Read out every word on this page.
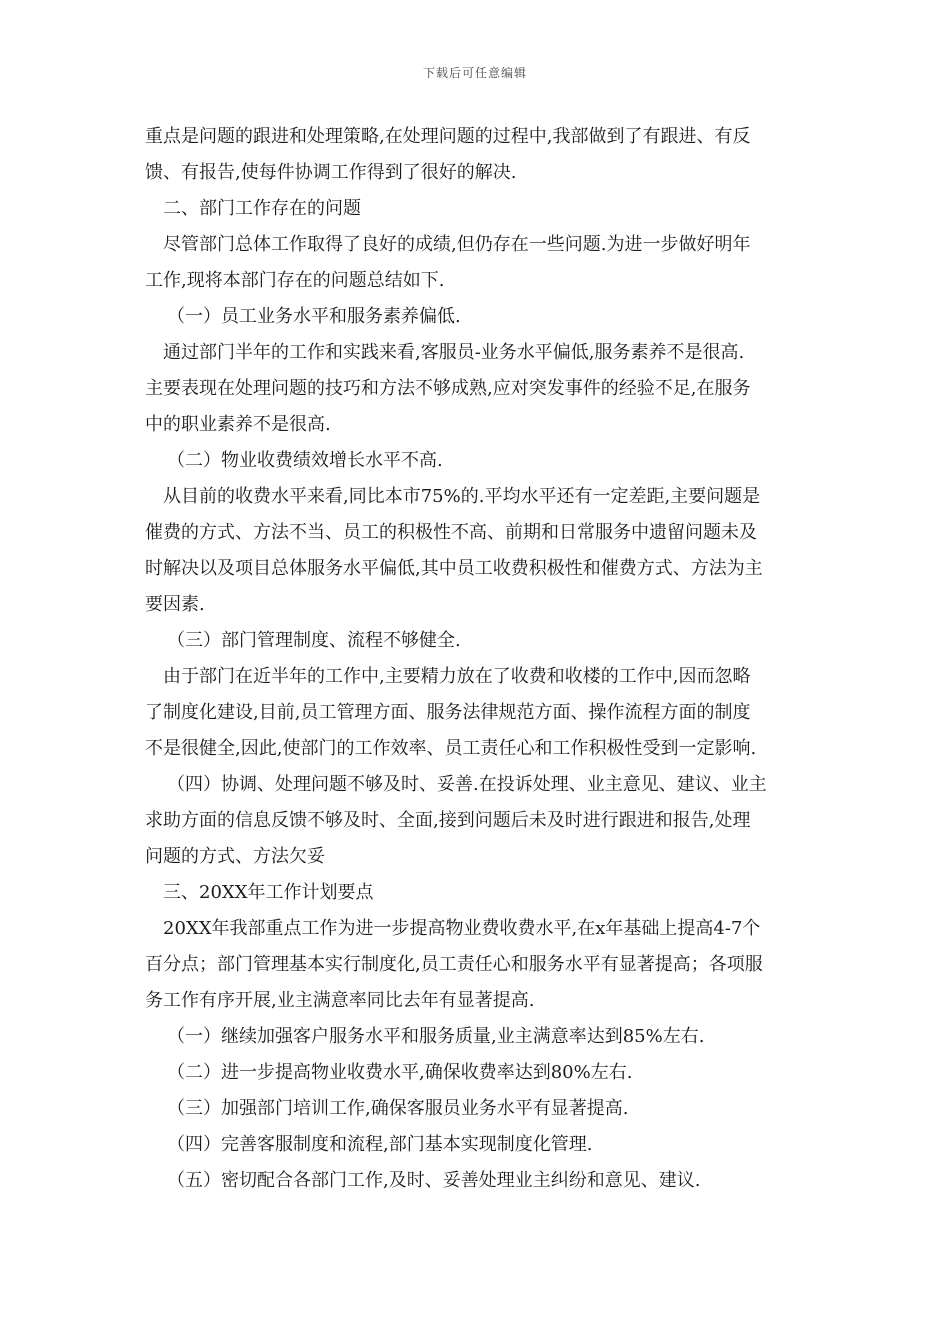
下载后可任意编辑
重点是问题的跟进和处理策略,在处理问题的过程中,我部做到了有跟进、有反
馈、有报告,使每件协调工作得到了很好的解决.
二、部门工作存在的问题
尽管部门总体工作取得了良好的成绩,但仍存在一些问题.为进一步做好明年
工作,现将本部门存在的问题总结如下.
（一）员工业务水平和服务素养偏低.
通过部门半年的工作和实践来看,客服员-业务水平偏低,服务素养不是很高.
主要表现在处理问题的技巧和方法不够成熟,应对突发事件的经验不足,在服务
中的职业素养不是很高.
（二）物业收费绩效增长水平不高.
从目前的收费水平来看,同比本市75%的.平均水平还有一定差距,主要问题是
催费的方式、方法不当、员工的积极性不高、前期和日常服务中遗留问题未及
时解决以及项目总体服务水平偏低,其中员工收费积极性和催费方式、方法为主
要因素.
（三）部门管理制度、流程不够健全.
由于部门在近半年的工作中,主要精力放在了收费和收楼的工作中,因而忽略
了制度化建设,目前,员工管理方面、服务法律规范方面、操作流程方面的制度
不是很健全,因此,使部门的工作效率、员工责任心和工作积极性受到一定影响.
（四）协调、处理问题不够及时、妥善.在投诉处理、业主意见、建议、业主
求助方面的信息反馈不够及时、全面,接到问题后未及时进行跟进和报告,处理
问题的方式、方法欠妥
三、20XX年工作计划要点
20XX年我部重点工作为进一步提高物业费收费水平,在x年基础上提高4-7个
百分点；部门管理基本实行制度化,员工责任心和服务水平有显著提高；各项服
务工作有序开展,业主满意率同比去年有显著提高.
（一）继续加强客户服务水平和服务质量,业主满意率达到85%左右.
（二）进一步提高物业收费水平,确保收费率达到80%左右.
（三）加强部门培训工作,确保客服员业务水平有显著提高.
（四）完善客服制度和流程,部门基本实现制度化管理.
（五）密切配合各部门工作,及时、妥善处理业主纠纷和意见、建议.
